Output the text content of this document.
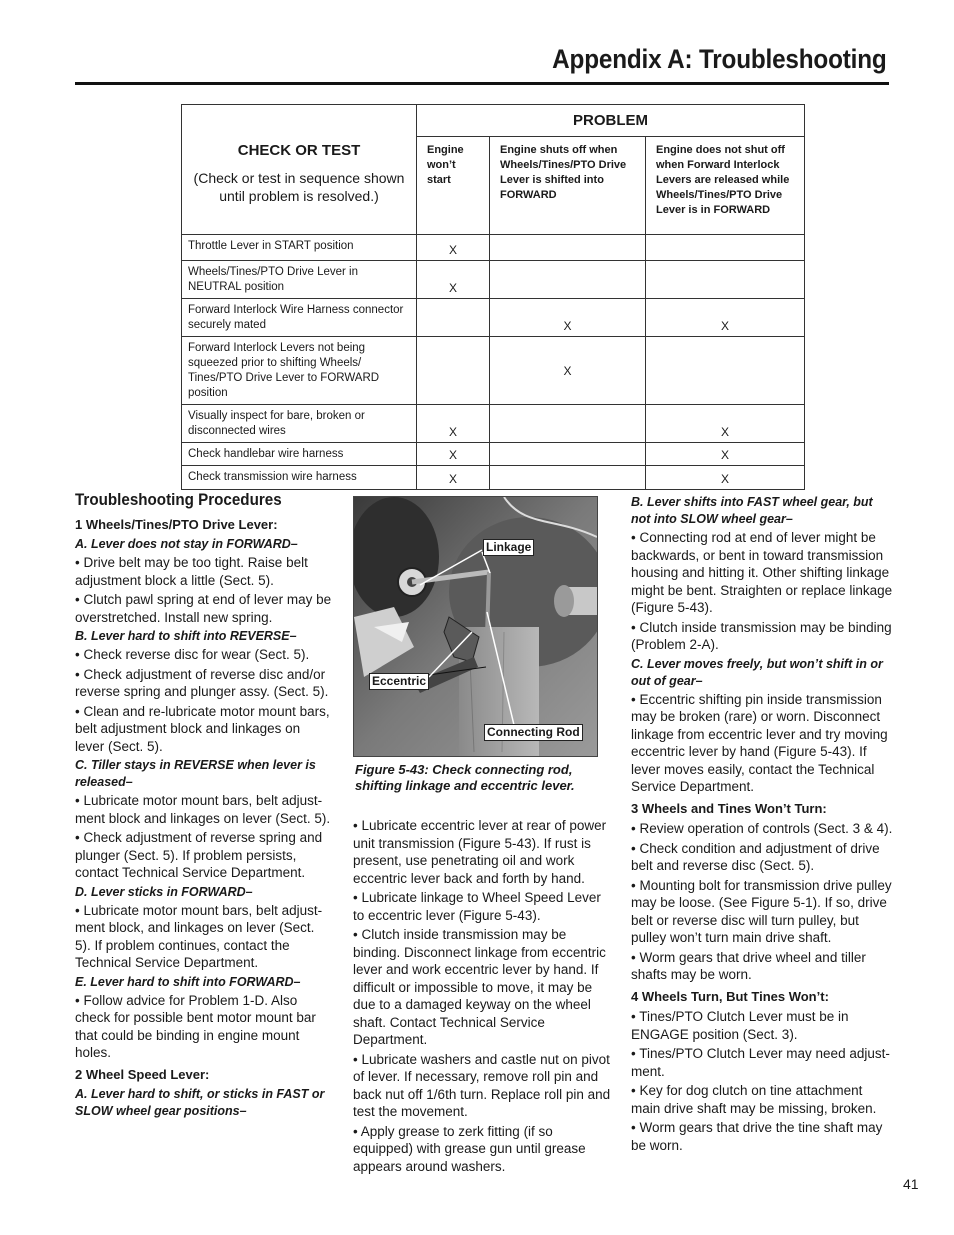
Appendix A: Troubleshooting
CHECK OR TEST
(Check or test in sequence shown until problem is resolved.)	PROBLEM		
	Engine won’t start	Engine shuts off when Wheels/Tines/PTO Drive Lever is shifted into FORWARD	Engine does not shut off when Forward Interlock Levers are released while Wheels/Tines/PTO Drive Lever is in FORWARD
Throttle Lever in START position	X		
Wheels/Tines/PTO Drive Lever in NEUTRAL position	X		
Forward Interlock Wire Harness connector securely mated		X	X
Forward Interlock Levers not being squeezed prior to shifting Wheels/ Tines/PTO Drive Lever to FORWARD position		X	
Visually inspect for bare, broken or disconnected wires	X		X
Check handlebar wire harness	X		X
Check transmission wire harness	X		X
Troubleshooting Procedures
1 Wheels/Tines/PTO Drive Lever:
A. Lever does not stay in FORWARD–

• Drive belt may be too tight. Raise belt adjustment block a little (Sect. 5).

• Clutch pawl spring at end of lever may be overstretched. Install new spring.

B. Lever hard to shift into REVERSE–

• Check reverse disc for wear (Sect. 5).

• Check adjustment of reverse disc and/or reverse spring and plunger assy. (Sect. 5).

• Clean and re-lubricate motor mount bars, belt adjustment block and linkages on lever (Sect. 5).

C. Tiller stays in REVERSE when lever is released–

• Lubricate motor mount bars, belt adjust-ment block and linkages on lever (Sect. 5).

• Check adjustment of reverse spring and plunger (Sect. 5). If problem persists, contact Technical Service Department.

D. Lever sticks in FORWARD–

• Lubricate motor mount bars, belt adjust-ment block, and linkages on lever (Sect. 5). If problem continues, contact the Technical Service Department.

E. Lever hard to shift into FORWARD–

• Follow advice for Problem 1-D. Also check for possible bent motor mount bar that could be binding in engine mount holes.

2 Wheel Speed Lever:
A. Lever hard to shift, or sticks in FAST or SLOW wheel gear positions–
Linkage
Eccentric
Connecting Rod
Figure 5-43: Check connecting rod, shifting linkage and eccentric lever.

• Lubricate eccentric lever at rear of power unit transmission (Figure 5-43). If rust is present, use penetrating oil and work eccentric lever back and forth by hand.

• Lubricate linkage to Wheel Speed Lever to eccentric lever (Figure 5-43).

• Clutch inside transmission may be binding. Disconnect linkage from eccentric lever and work eccentric lever by hand. If difficult or impossible to move, it may be due to a damaged keyway on the wheel shaft. Contact Technical Service Department.

• Lubricate washers and castle nut on pivot of lever. If necessary, remove roll pin and back nut off 1/6th turn. Replace roll pin and test the movement.

• Apply grease to zerk fitting (if so equipped) with grease gun until grease appears around washers.

B. Lever shifts into FAST wheel gear, but not into SLOW wheel gear–

• Connecting rod at end of lever might be backwards, or bent in toward transmission housing and hitting it. Other shifting linkage might be bent. Straighten or replace linkage (Figure 5-43).

• Clutch inside transmission may be binding (Problem 2-A).

C. Lever moves freely, but won’t shift in or out of gear–

• Eccentric shifting pin inside transmission may be broken (rare) or worn. Disconnect linkage from eccentric lever and try moving eccentric lever by hand (Figure 5-43). If lever moves easily, contact the Technical Service Department.

3 Wheels and Tines Won’t Turn:

• Review operation of controls (Sect. 3 & 4).

• Check condition and adjustment of drive belt and reverse disc (Sect. 5).

• Mounting bolt for transmission drive pulley may be loose. (See Figure 5-1). If so, drive belt or reverse disc will turn pulley, but pulley won’t turn main drive shaft.

• Worm gears that drive wheel and tiller shafts may be worn.

4 Wheels Turn, But Tines Won’t:

• Tines/PTO Clutch Lever must be in ENGAGE position (Sect. 3).

• Tines/PTO Clutch Lever may need adjust-ment.

• Key for dog clutch on tine attachment main drive shaft may be missing, broken.

• Worm gears that drive the tine shaft may be worn.

41
